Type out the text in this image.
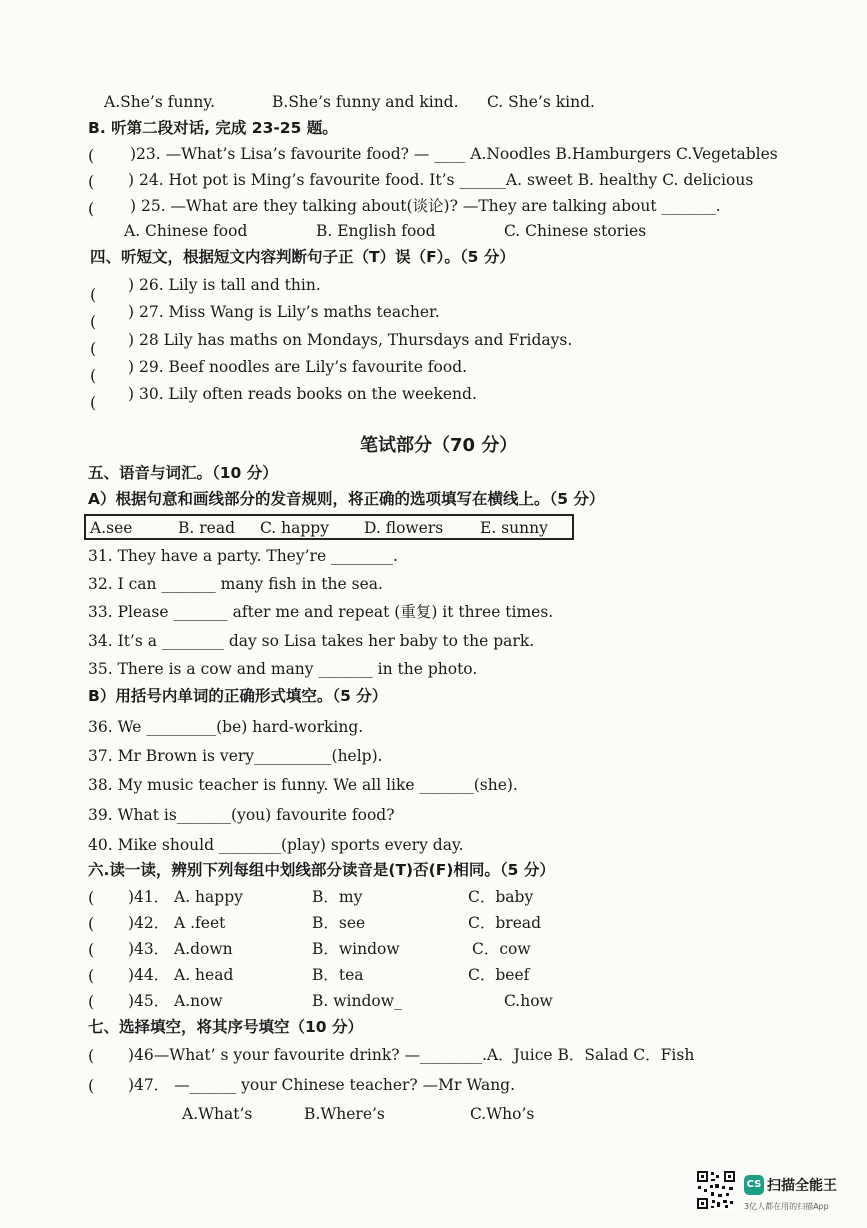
A.She’s funny.	B.She’s funny and kind. C. She’s kind.
B. 听第二段对话, 完成 23-25 题。
( )23. —What’s Lisa’s favourite food? — ____ A.Noodles B.Hamburgers C.Vegetables
( ) 24. Hot pot is Ming’s favourite food. It’s ______A. sweet B. healthy C. delicious
( ) 25. —What are they talking about(谈论)? —They are talking about _______.
A. Chinese food	B. English food	C. Chinese stories
四、听短文，根据短文内容判断句子正（T）误（F）。（5 分）
( ) 26. Lily is tall and thin.
( ) 27. Miss Wang is Lily’s maths teacher.
( ) 28 Lily has maths on Mondays, Thursdays and Fridays.
( ) 29. Beef noodles are Lily’s favourite food.
( ) 30. Lily often reads books on the weekend.
笔试部分（70 分）
五、语音与词汇。（10 分）
A）根据句意和画线部分的发音规则，将正确的选项填写在横线上。（5 分）
A.see	B. read C. happy D. flowers E. sunny
31. They have a party. They’re ________.
32. I can _______ many fish in the sea.
33. Please _______ after me and repeat (重复) it three times.
34. It’s a ________ day so Lisa takes her baby to the park.
35. There is a cow and many _______ in the photo.
B）用括号内单词的正确形式填空。（5 分）
36. We _________(be) hard-working.
37. Mr Brown is very__________(help).
38. My music teacher is funny. We all like _______(she).
39. What is_______(you) favourite food?
40. Mike should ________(play) sports every day.
六.读一读，辨别下列每组中划线部分读音是(T)否(F)相同。（5 分）
( )41． A. happy	B．my	C．baby
( )42． A .feet	B．see	C．bread
( )43． A.down	B．window	C．cow
( )44． A. head	B．tea	C．beef
( )45． A.now	B. window_	C.how
七、选择填空，将其序号填空（10 分）
( )46—What’ s your favourite drink? —________.A．Juice B．Salad C．Fish
( )47． —______ your Chinese teacher? —Mr Wang.
A.What’s	B.Where’s	C.Who’s
CS 扫描全能王
3亿人都在用的扫描App
